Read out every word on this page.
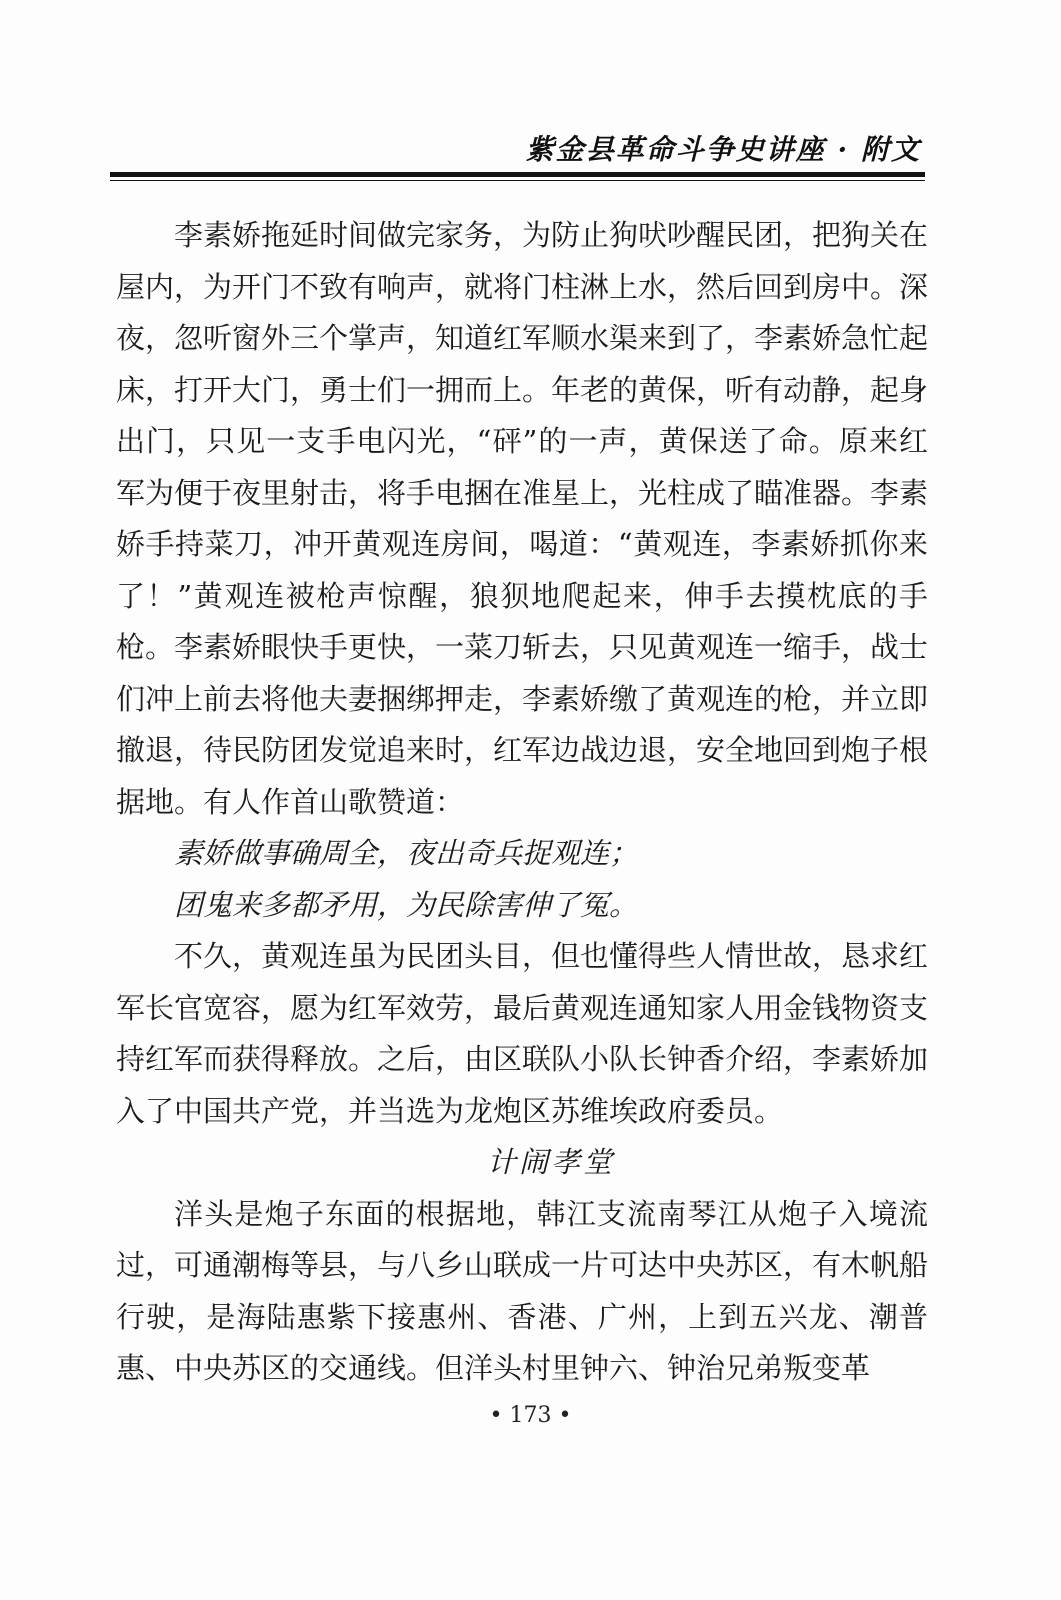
紫金县革命斗争史讲座 · 附文

李素娇拖延时间做完家务，为防止狗吠吵醒民团，把狗关在屋内，为开门不致有响声，就将门柱淋上水，然后回到房中。深夜，忽听窗外三个掌声，知道红军顺水渠来到了，李素娇急忙起床，打开大门，勇士们一拥而上。年老的黄保，听有动静，起身出门，只见一支手电闪光，“砰”的一声，黄保送了命。原来红军为便于夜里射击，将手电捆在准星上，光柱成了瞄准器。李素娇手持菜刀，冲开黄观连房间，喝道：“黄观连，李素娇抓你来了！”黄观连被枪声惊醒，狼狈地爬起来，伸手去摸枕底的手枪。李素娇眼快手更快，一菜刀斩去，只见黄观连一缩手，战士们冲上前去将他夫妻捆绑押走，李素娇缴了黄观连的枪，并立即撤退，待民防团发觉追来时，红军边战边退，安全地回到炮子根据地。有人作首山歌赞道：

素娇做事确周全，夜出奇兵捉观连；

团鬼来多都矛用，为民除害伸了冤。

不久，黄观连虽为民团头目，但也懂得些人情世故，恳求红军长官宽容，愿为红军效劳，最后黄观连通知家人用金钱物资支持红军而获得释放。之后，由区联队小队长钟香介绍，李素娇加入了中国共产党，并当选为龙炮区苏维埃政府委员。

计闹孝堂

洋头是炮子东面的根据地，韩江支流南琴江从炮子入境流过，可通潮梅等县，与八乡山联成一片可达中央苏区，有木帆船行驶，是海陆惠紫下接惠州、香港、广州，上到五兴龙、潮普惠、中央苏区的交通线。但洋头村里钟六、钟治兄弟叛变革

• 173 •
